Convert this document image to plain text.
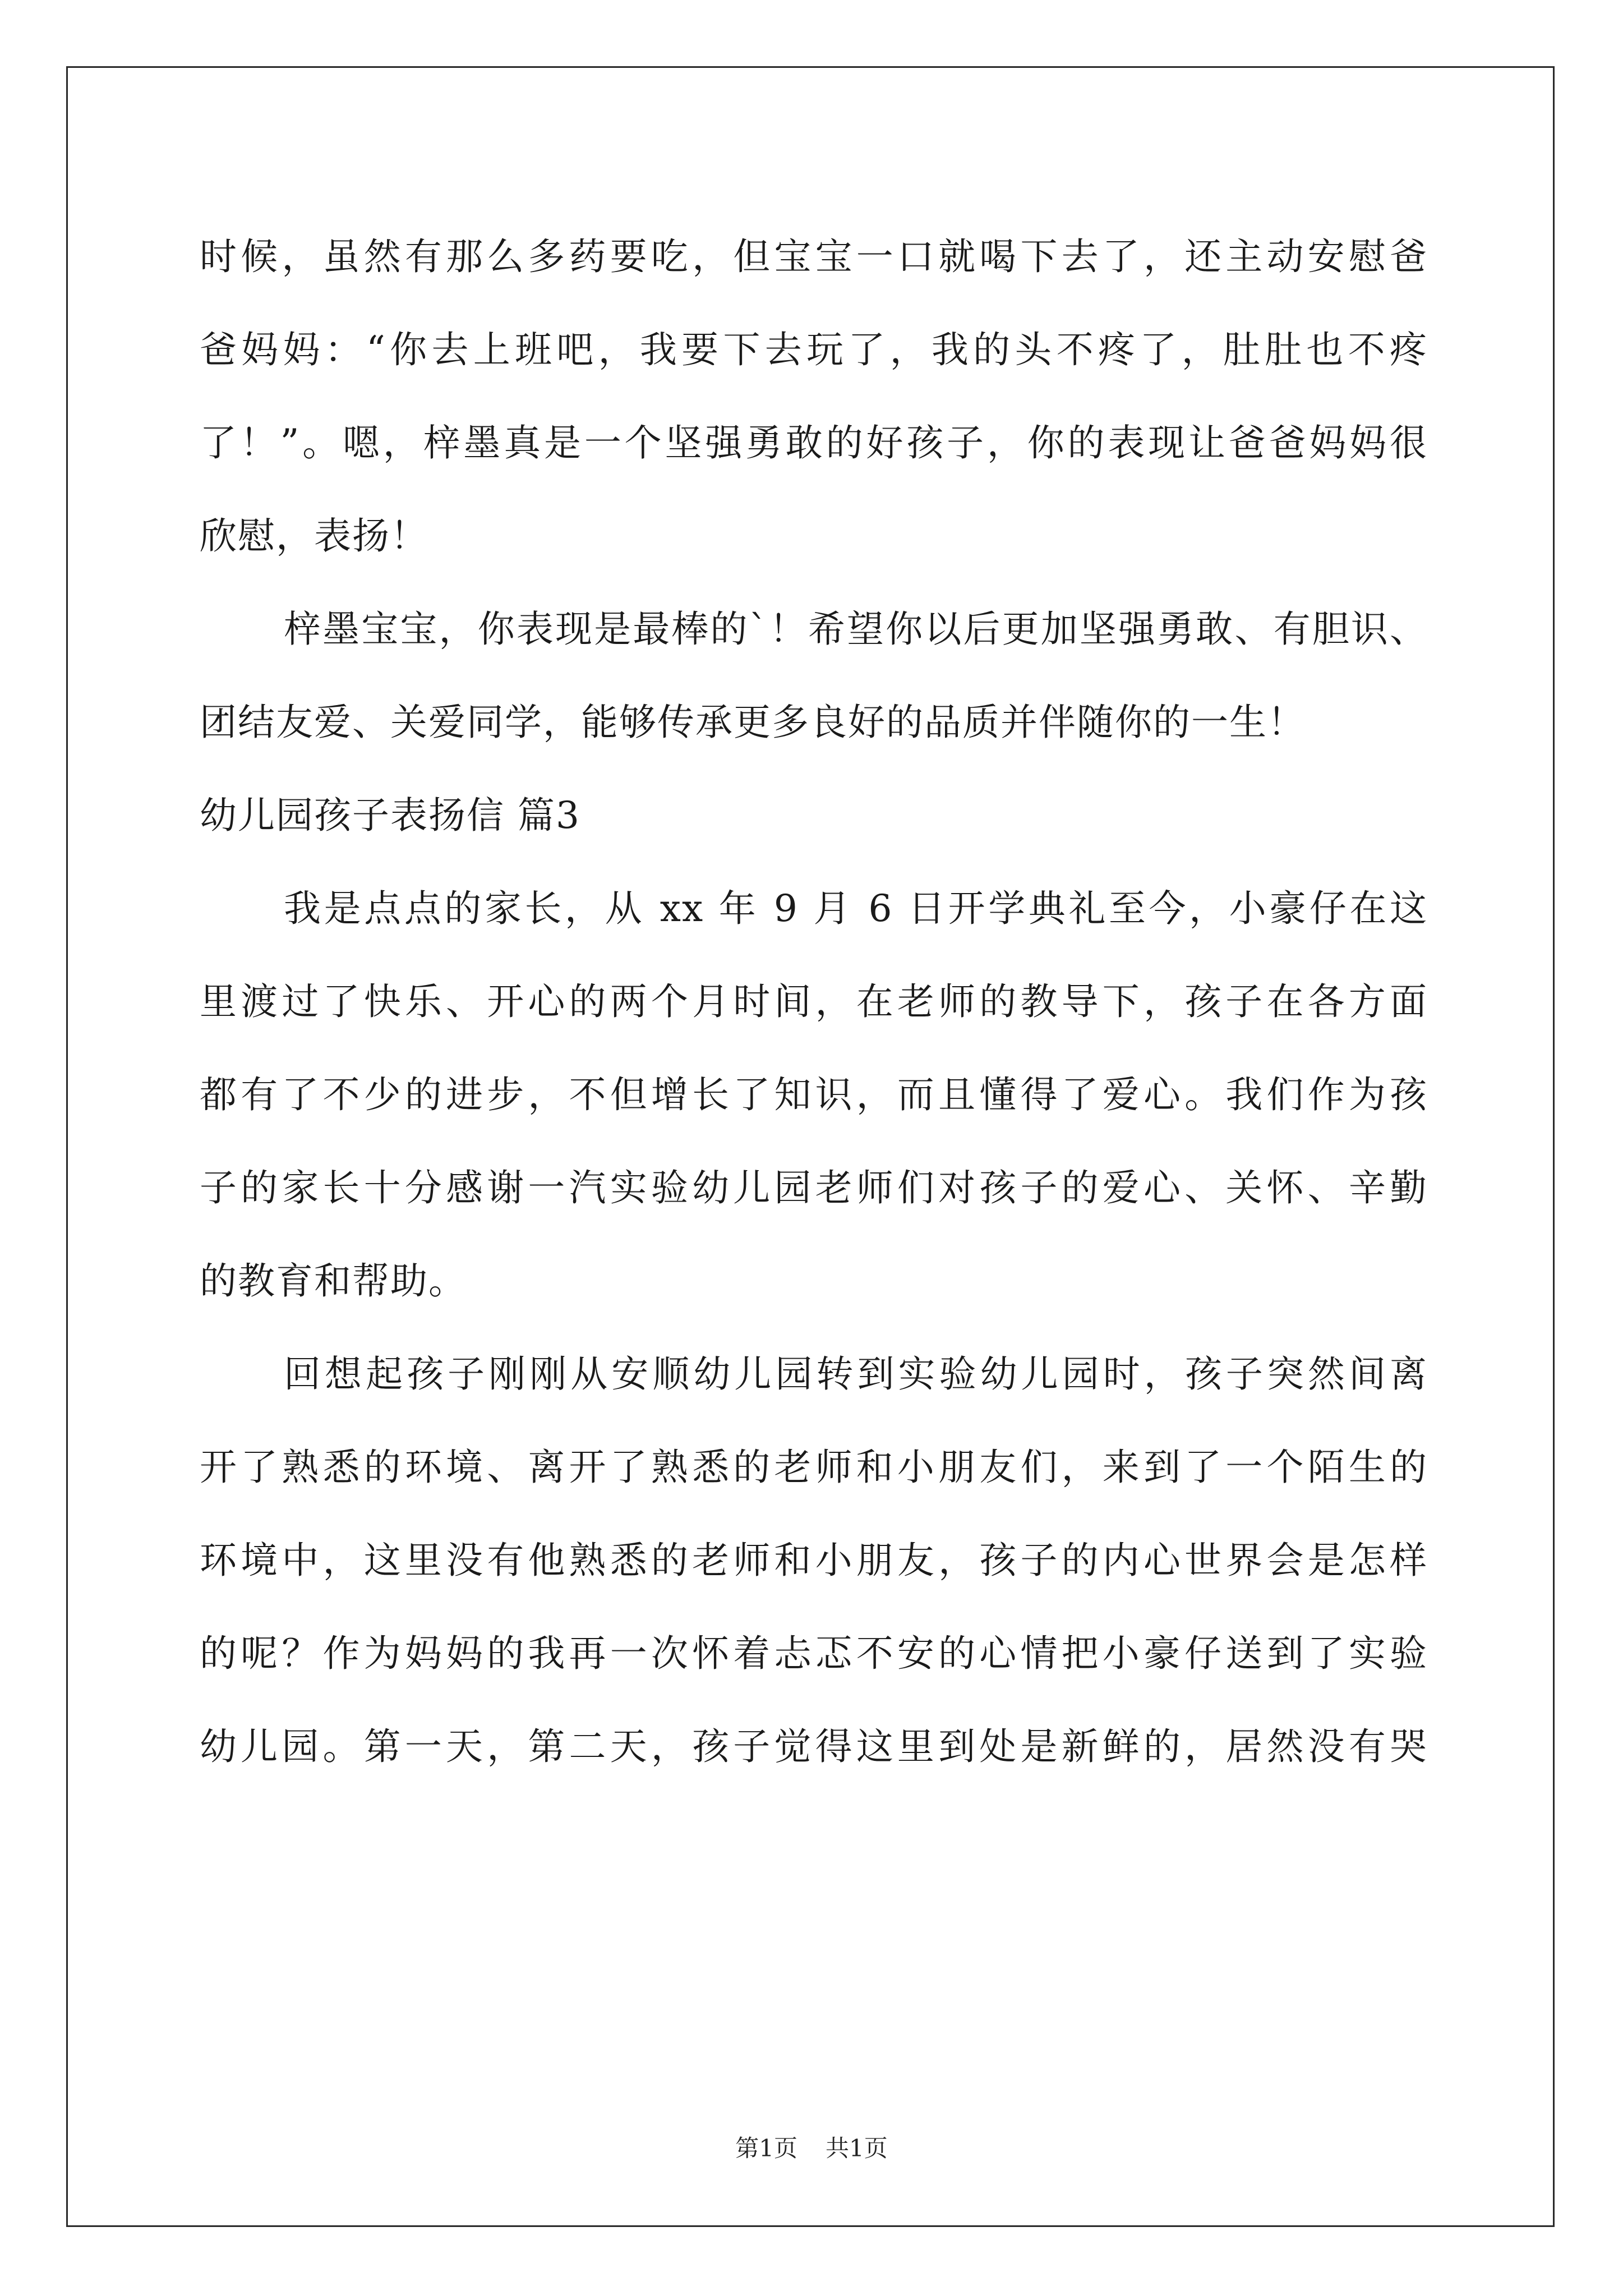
时候，虽然有那么多药要吃，但宝宝一口就喝下去了，还主动安慰爸
爸妈妈：“你去上班吧，我要下去玩了，我的头不疼了，肚肚也不疼
了！”。嗯，梓墨真是一个坚强勇敢的好孩子，你的表现让爸爸妈妈很
欣慰，表扬！
梓墨宝宝，你表现是最棒的`！希望你以后更加坚强勇敢、有胆识、
团结友爱、关爱同学，能够传承更多良好的品质并伴随你的一生！
幼儿园孩子表扬信 篇3
我是点点的家长，从 xx 年 9 月 6 日开学典礼至今，小豪仔在这
里渡过了快乐、开心的两个月时间，在老师的教导下，孩子在各方面
都有了不少的进步，不但增长了知识，而且懂得了爱心。我们作为孩
子的家长十分感谢一汽实验幼儿园老师们对孩子的爱心、关怀、辛勤
的教育和帮助。
回想起孩子刚刚从安顺幼儿园转到实验幼儿园时，孩子突然间离
开了熟悉的环境、离开了熟悉的老师和小朋友们，来到了一个陌生的
环境中，这里没有他熟悉的老师和小朋友，孩子的内心世界会是怎样
的呢？作为妈妈的我再一次怀着忐忑不安的心情把小豪仔送到了实验
幼儿园。第一天，第二天，孩子觉得这里到处是新鲜的，居然没有哭
第1页 共1页
